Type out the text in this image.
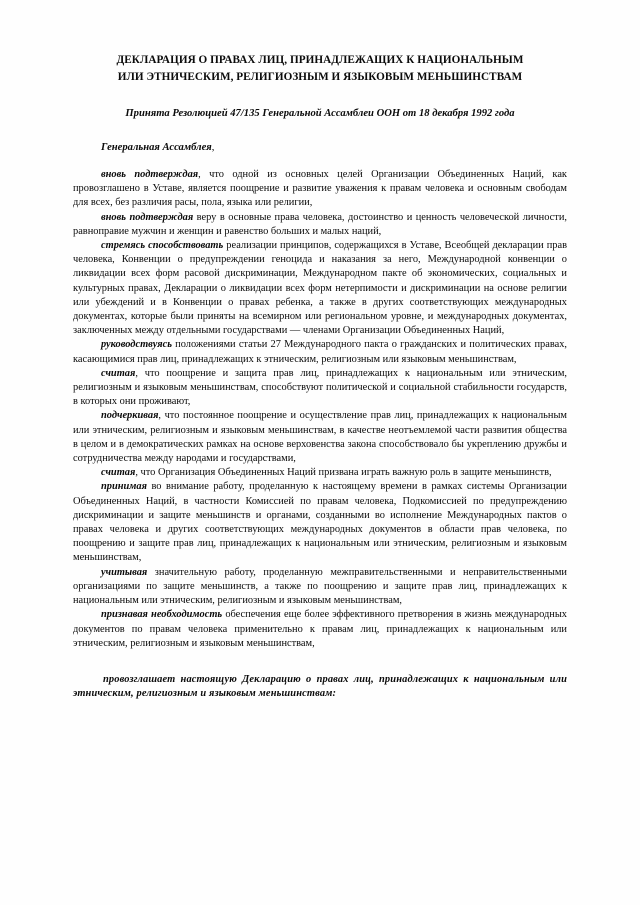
ДЕКЛАРАЦИЯ О ПРАВАХ ЛИЦ, ПРИНАДЛЕЖАЩИХ К НАЦИОНАЛЬНЫМ
ИЛИ ЭТНИЧЕСКИМ, РЕЛИГИОЗНЫМ И ЯЗЫКОВЫМ МЕНЬШИНСТВАМ
Принята Резолюцией 47/135 Генеральной Ассамблеи ООН от 18 декабря 1992 года

Генеральная Ассамблея,

вновь подтверждая, что одной из основных целей Организации Объединенных Наций, как провозглашено в Уставе, является поощрение и развитие уважения к правам человека и основным свободам для всех, без различия расы, пола, языка или религии,

вновь подтверждая веру в основные права человека, достоинство и ценность человеческой личности, равноправие мужчин и женщин и равенство больших и малых наций,

стремясь способствовать реализации принципов, содержащихся в Уставе, Всеобщей декларации прав человека, Конвенции о предупреждении геноцида и наказания за него, Международной конвенции о ликвидации всех форм расовой дискриминации, Международном пакте об экономических, социальных и культурных правах, Декларации о ликвидации всех форм нетерпимости и дискриминации на основе религии или убеждений и в Конвенции о правах ребенка, а также в других соответствующих международных документах, которые были приняты на всемирном или региональном уровне, и международных документах, заключенных между отдельными государствами — членами Организации Объединенных Наций,

руководствуясь положениями статьи 27 Международного пакта о гражданских и политических правах, касающимися прав лиц, принадлежащих к этническим, религиозным или языковым меньшинствам,

считая, что поощрение и защита прав лиц, принадлежащих к национальным или этническим, религиозным и языковым меньшинствам, способствуют политической и социальной стабильности государств, в которых они проживают,

подчеркивая, что постоянное поощрение и осуществление прав лиц, принадлежащих к национальным или этническим, религиозным и языковым меньшинствам, в качестве неотъемлемой части развития общества в целом и в демократических рамках на основе верховенства закона способствовало бы укреплению дружбы и сотрудничества между народами и государствами,

считая, что Организация Объединенных Наций призвана играть важную роль в защите меньшинств,

принимая во внимание работу, проделанную к настоящему времени в рамках системы Организации Объединенных Наций, в частности Комиссией по правам человека, Подкомиссией по предупреждению дискриминации и защите меньшинств и органами, созданными во исполнение Международных пактов о правах человека и других соответствующих международных документов в области прав человека, по поощрению и защите прав лиц, принадлежащих к национальным или этническим, религиозным и языковым меньшинствам,

учитывая значительную работу, проделанную межправительственными и неправительственными организациями по защите меньшинств, а также по поощрению и защите прав лиц, принадлежащих к национальным или этническим, религиозным и языковым меньшинствам,

признавая необходимость обеспечения еще более эффективного претворения в жизнь международных документов по правам человека применительно к правам лиц, принадлежащих к национальным или этническим, религиозным и языковым меньшинствам,

провозглашает настоящую Декларацию о правах лиц, принадлежащих к национальным или этническим, религиозным и языковым меньшинствам:
